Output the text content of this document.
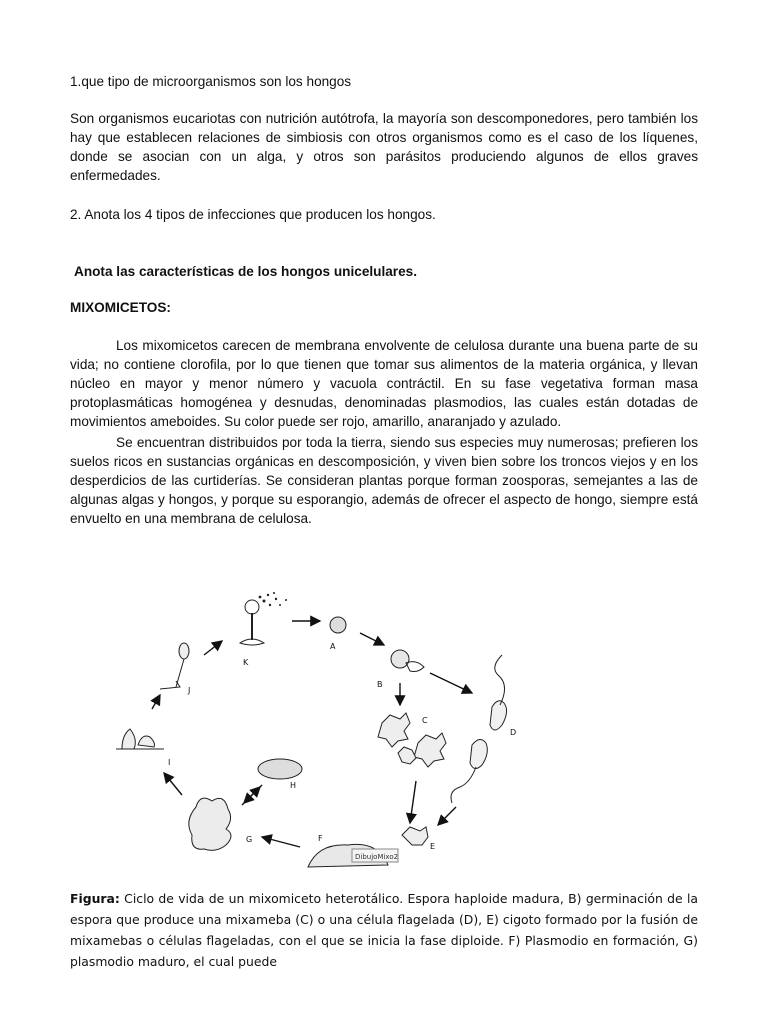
1.que tipo de microorganismos son los hongos

Son organismos eucariotas con nutrición autótrofa, la mayoría son descomponedores, pero también los hay que establecen relaciones de simbiosis con otros organismos como es el caso de los líquenes, donde se asocian con un alga, y otros son parásitos produciendo algunos de ellos graves enfermedades.

2. Anota los 4 tipos de infecciones que producen los hongos.

Anota las características de los hongos unicelulares.

MIXOMICETOS:

Los mixomicetos carecen de membrana envolvente de celulosa durante una buena parte de su vida; no contiene clorofila, por lo que tienen que tomar sus alimentos de la materia orgánica, y llevan núcleo en mayor y menor número y vacuola contráctil. En su fase vegetativa forman masa protoplasmáticas homogénea y desnudas, denominadas plasmodios, las cuales están dotadas de movimientos ameboides. Su color puede ser rojo, amarillo, anaranjado y azulado.

Se encuentran distribuidos por toda la tierra, siendo sus especies muy numerosas; prefieren los suelos ricos en sustancias orgánicas en descomposición, y viven bien sobre los troncos viejos y en los desperdicios de las curtiderías. Se consideran plantas porque forman zoosporas, semejantes a las de algunas algas y hongos, y porque su esporangio, además de ofrecer el aspecto de hongo, siempre está envuelto en una membrana de celulosa.

K
A
B
C
D
E
F
DibujoMixo2
G
H
I
J

Figura: Ciclo de vida de un mixomiceto heterotálico. Espora haploide madura, B) germinación de la espora que produce una mixameba (C) o una célula flagelada (D), E) cigoto formado por la fusión de mixamebas o células flageladas, con el que se inicia la fase diploide. F) Plasmodio en formación, G) plasmodio maduro, el cual puede
